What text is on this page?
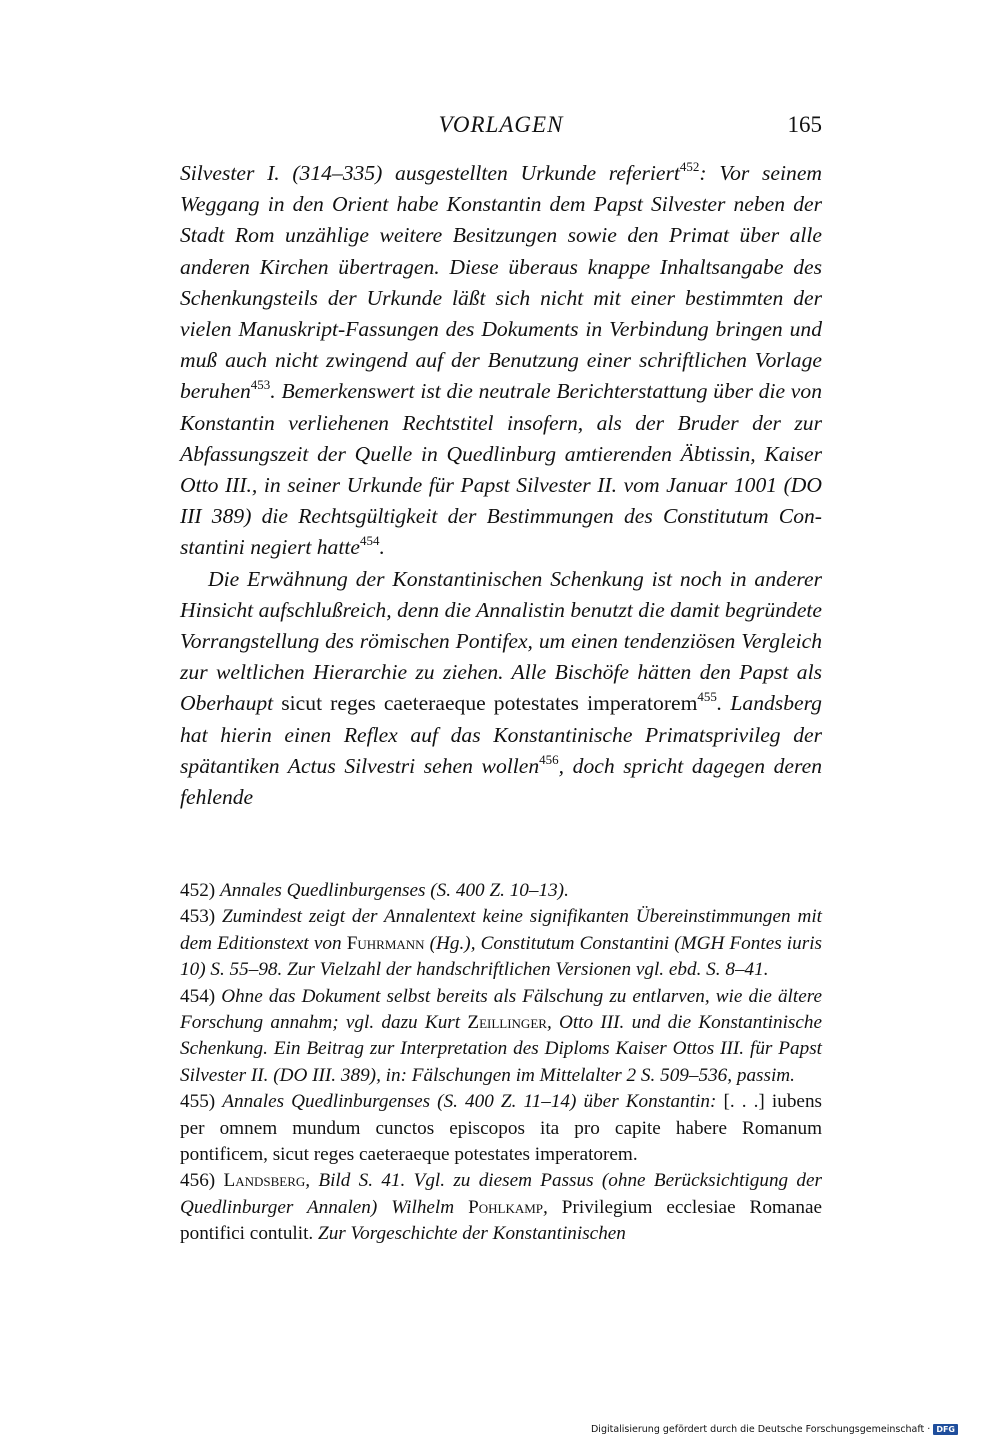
VORLAGEN	165

Silvester I. (314–335) ausgestellten Urkunde referiert$^{452}$: Vor seinem Weggang in den Orient habe Konstantin dem Papst Silvester neben der Stadt Rom unzählige weitere Besitzungen sowie den Primat über alle anderen Kirchen übertragen. Diese überaus knappe Inhaltsangabe des Schenkungsteils der Urkunde läßt sich nicht mit einer bestimmten der vielen Manuskript-Fassungen des Dokuments in Verbindung bringen und muß auch nicht zwingend auf der Benutzung einer schriftlichen Vorlage beruhen$^{453}$. Bemerkenswert ist die neutrale Berichterstattung über die von Konstantin verliehenen Rechtstitel insofern, als der Bruder der zur Abfassungszeit der Quelle in Quedlinburg amtierenden Äbtissin, Kaiser Otto III., in seiner Urkunde für Papst Silvester II. vom Januar 1001 (DO III 389) die Rechtsgültigkeit der Bestimmungen des Constitutum Constantini negiert hatte$^{454}$.

Die Erwähnung der Konstantinischen Schenkung ist noch in anderer Hinsicht aufschlußreich, denn die Annalistin benutzt die damit begründete Vorrangstellung des römischen Pontifex, um einen tendenziösen Vergleich zur weltlichen Hierarchie zu ziehen. Alle Bischöfe hätten den Papst als Oberhaupt sicut reges caeteraeque potestates imperatorem$^{455}$. Landsberg hat hierin einen Reflex auf das Konstantinische Primatsprivileg der spätantiken Actus Silvestri sehen wollen$^{456}$, doch spricht dagegen deren fehlende

452) Annales Quedlinburgenses (S. 400 Z. 10–13).

453) Zumindest zeigt der Annalentext keine signifikanten Übereinstimmungen mit dem Editionstext von Fuhrmann (Hg.), Constitutum Constantini (MGH Fontes iuris 10) S. 55–98. Zur Vielzahl der handschriftlichen Versionen vgl. ebd. S. 8–41.

454) Ohne das Dokument selbst bereits als Fälschung zu entlarven, wie die ältere Forschung annahm; vgl. dazu Kurt Zeillinger, Otto III. und die Konstantinische Schenkung. Ein Beitrag zur Interpretation des Diploms Kaiser Ottos III. für Papst Silvester II. (DO III. 389), in: Fälschungen im Mittelalter 2 S. 509–536, passim.

455) Annales Quedlinburgenses (S. 400 Z. 11–14) über Konstantin: [. . .] iubens per omnem mundum cunctos episcopos ita pro capite habere Romanum pontificem, sicut reges caeteraeque potestates imperatorem.

456) Landsberg, Bild S. 41. Vgl. zu diesem Passus (ohne Berücksichtigung der Quedlinburger Annalen) Wilhelm Pohlkamp, Privilegium ecclesiae Romanae pontifici contulit. Zur Vorgeschichte der Konstantinischen

Digitalisierung gefördert durch die Deutsche Forschungsgemeinschaft · DFG
